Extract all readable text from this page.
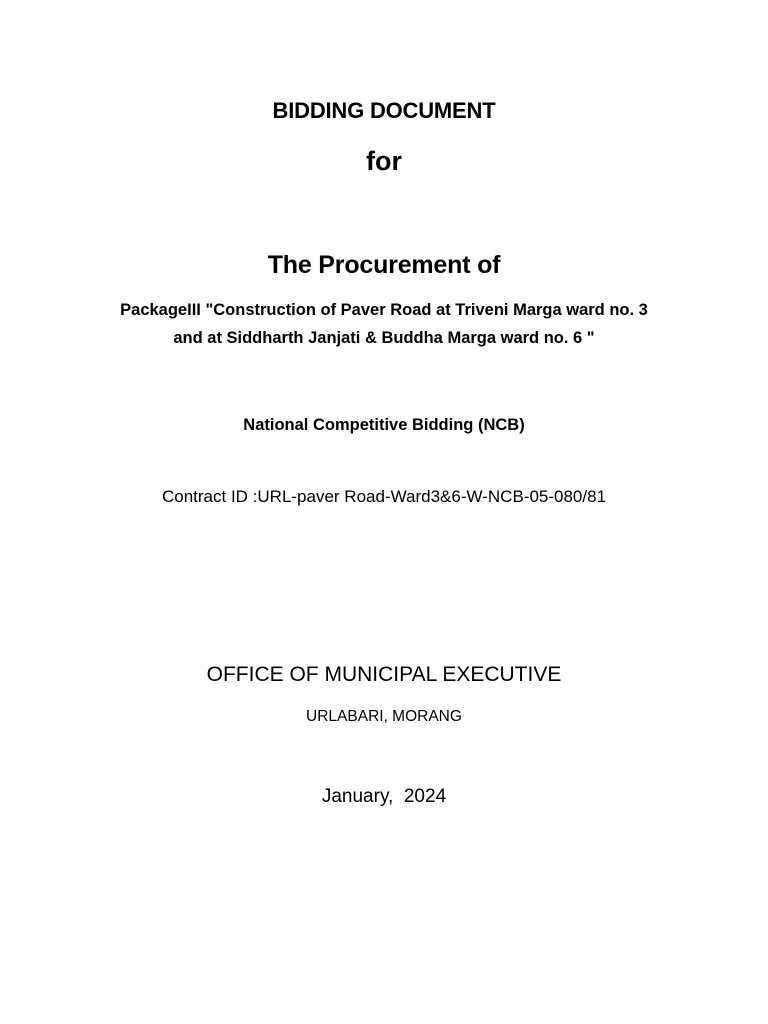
BIDDING DOCUMENT
for
The Procurement of
PackageIII "Construction of Paver Road at Triveni Marga ward no. 3
and at Siddharth Janjati & Buddha Marga ward no. 6 "
National Competitive Bidding (NCB)
Contract ID :URL-paver Road-Ward3&6-W-NCB-05-080/81
OFFICE OF MUNICIPAL EXECUTIVE
URLABARI, MORANG
January,  2024
